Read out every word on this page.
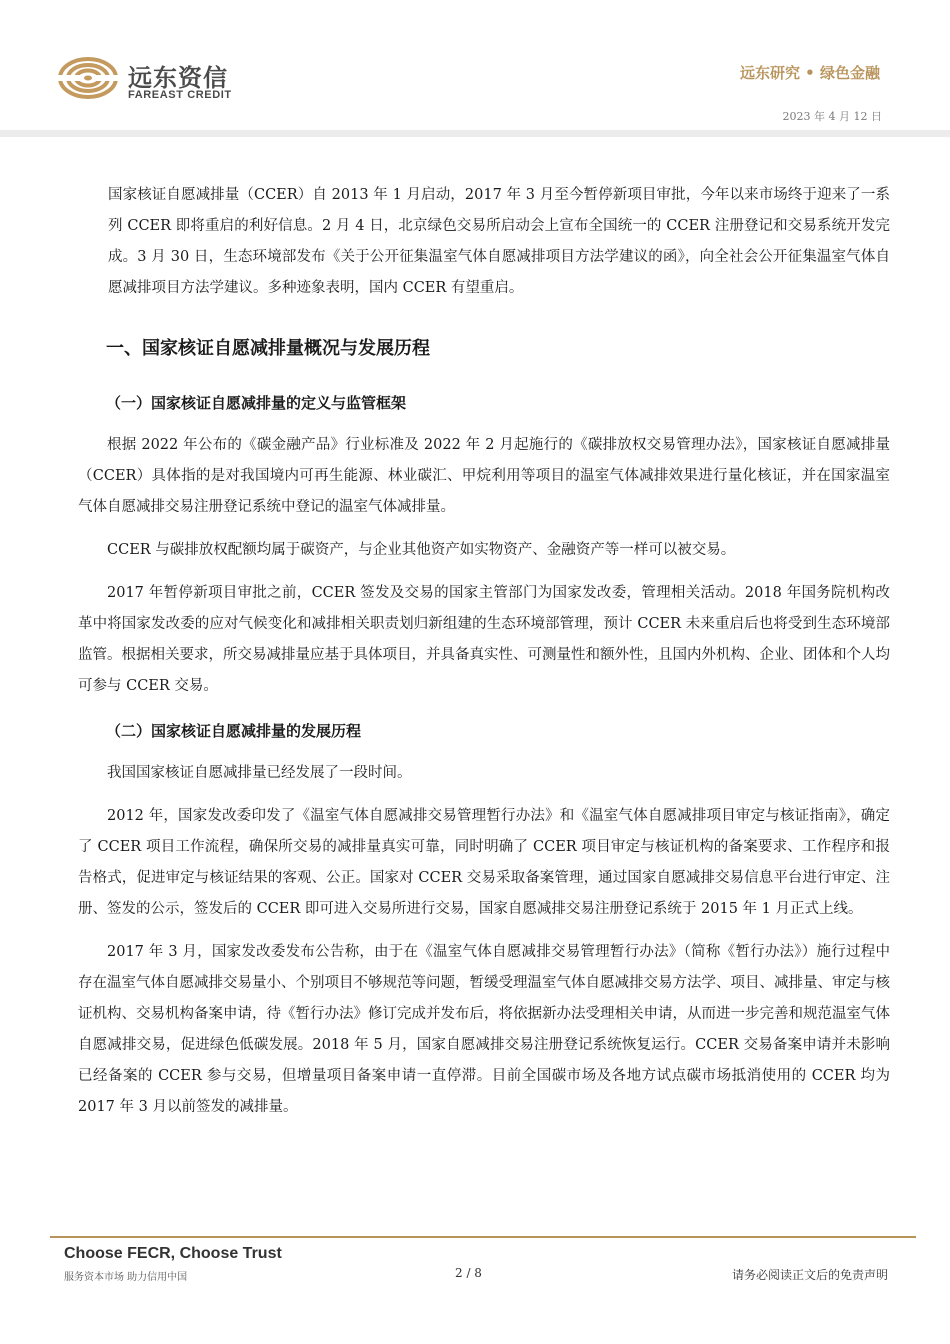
远东资信
FAREAST CREDIT
远东研究 • 绿色金融
2023 年 4 月 12 日

国家核证自愿减排量（CCER）自 2013 年 1 月启动，2017 年 3 月至今暂停新项目审批，今年以来市场终于迎来了一系列 CCER 即将重启的利好信息。2 月 4 日，北京绿色交易所启动会上宣布全国统一的 CCER 注册登记和交易系统开发完成。3 月 30 日，生态环境部发布《关于公开征集温室气体自愿减排项目方法学建议的函》，向全社会公开征集温室气体自愿减排项目方法学建议。多种迹象表明，国内 CCER 有望重启。

一、国家核证自愿减排量概况与发展历程
（一）国家核证自愿减排量的定义与监管框架

根据 2022 年公布的《碳金融产品》行业标准及 2022 年 2 月起施行的《碳排放权交易管理办法》，国家核证自愿减排量（CCER）具体指的是对我国境内可再生能源、林业碳汇、甲烷利用等项目的温室气体减排效果进行量化核证，并在国家温室气体自愿减排交易注册登记系统中登记的温室气体减排量。

CCER 与碳排放权配额均属于碳资产，与企业其他资产如实物资产、金融资产等一样可以被交易。

2017 年暂停新项目审批之前，CCER 签发及交易的国家主管部门为国家发改委，管理相关活动。2018 年国务院机构改革中将国家发改委的应对气候变化和减排相关职责划归新组建的生态环境部管理，预计 CCER 未来重启后也将受到生态环境部监管。根据相关要求，所交易减排量应基于具体项目，并具备真实性、可测量性和额外性，且国内外机构、企业、团体和个人均可参与 CCER 交易。

（二）国家核证自愿减排量的发展历程

我国国家核证自愿减排量已经发展了一段时间。

2012 年，国家发改委印发了《温室气体自愿减排交易管理暂行办法》和《温室气体自愿减排项目审定与核证指南》，确定了 CCER 项目工作流程，确保所交易的减排量真实可靠，同时明确了 CCER 项目审定与核证机构的备案要求、工作程序和报告格式，促进审定与核证结果的客观、公正。国家对 CCER 交易采取备案管理，通过国家自愿减排交易信息平台进行审定、注册、签发的公示，签发后的 CCER 即可进入交易所进行交易，国家自愿减排交易注册登记系统于 2015 年 1 月正式上线。

2017 年 3 月，国家发改委发布公告称，由于在《温室气体自愿减排交易管理暂行办法》（简称《暂行办法》）施行过程中存在温室气体自愿减排交易量小、个别项目不够规范等问题，暂缓受理温室气体自愿减排交易方法学、项目、减排量、审定与核证机构、交易机构备案申请，待《暂行办法》修订完成并发布后，将依据新办法受理相关申请，从而进一步完善和规范温室气体自愿减排交易，促进绿色低碳发展。2018 年 5 月，国家自愿减排交易注册登记系统恢复运行。CCER 交易备案申请并未影响已经备案的 CCER 参与交易，但增量项目备案申请一直停滞。目前全国碳市场及各地方试点碳市场抵消使用的 CCER 均为 2017 年 3 月以前签发的减排量。

Choose FECR, Choose Trust
服务资本市场 助力信用中国	2 / 8	请务必阅读正文后的免责声明
